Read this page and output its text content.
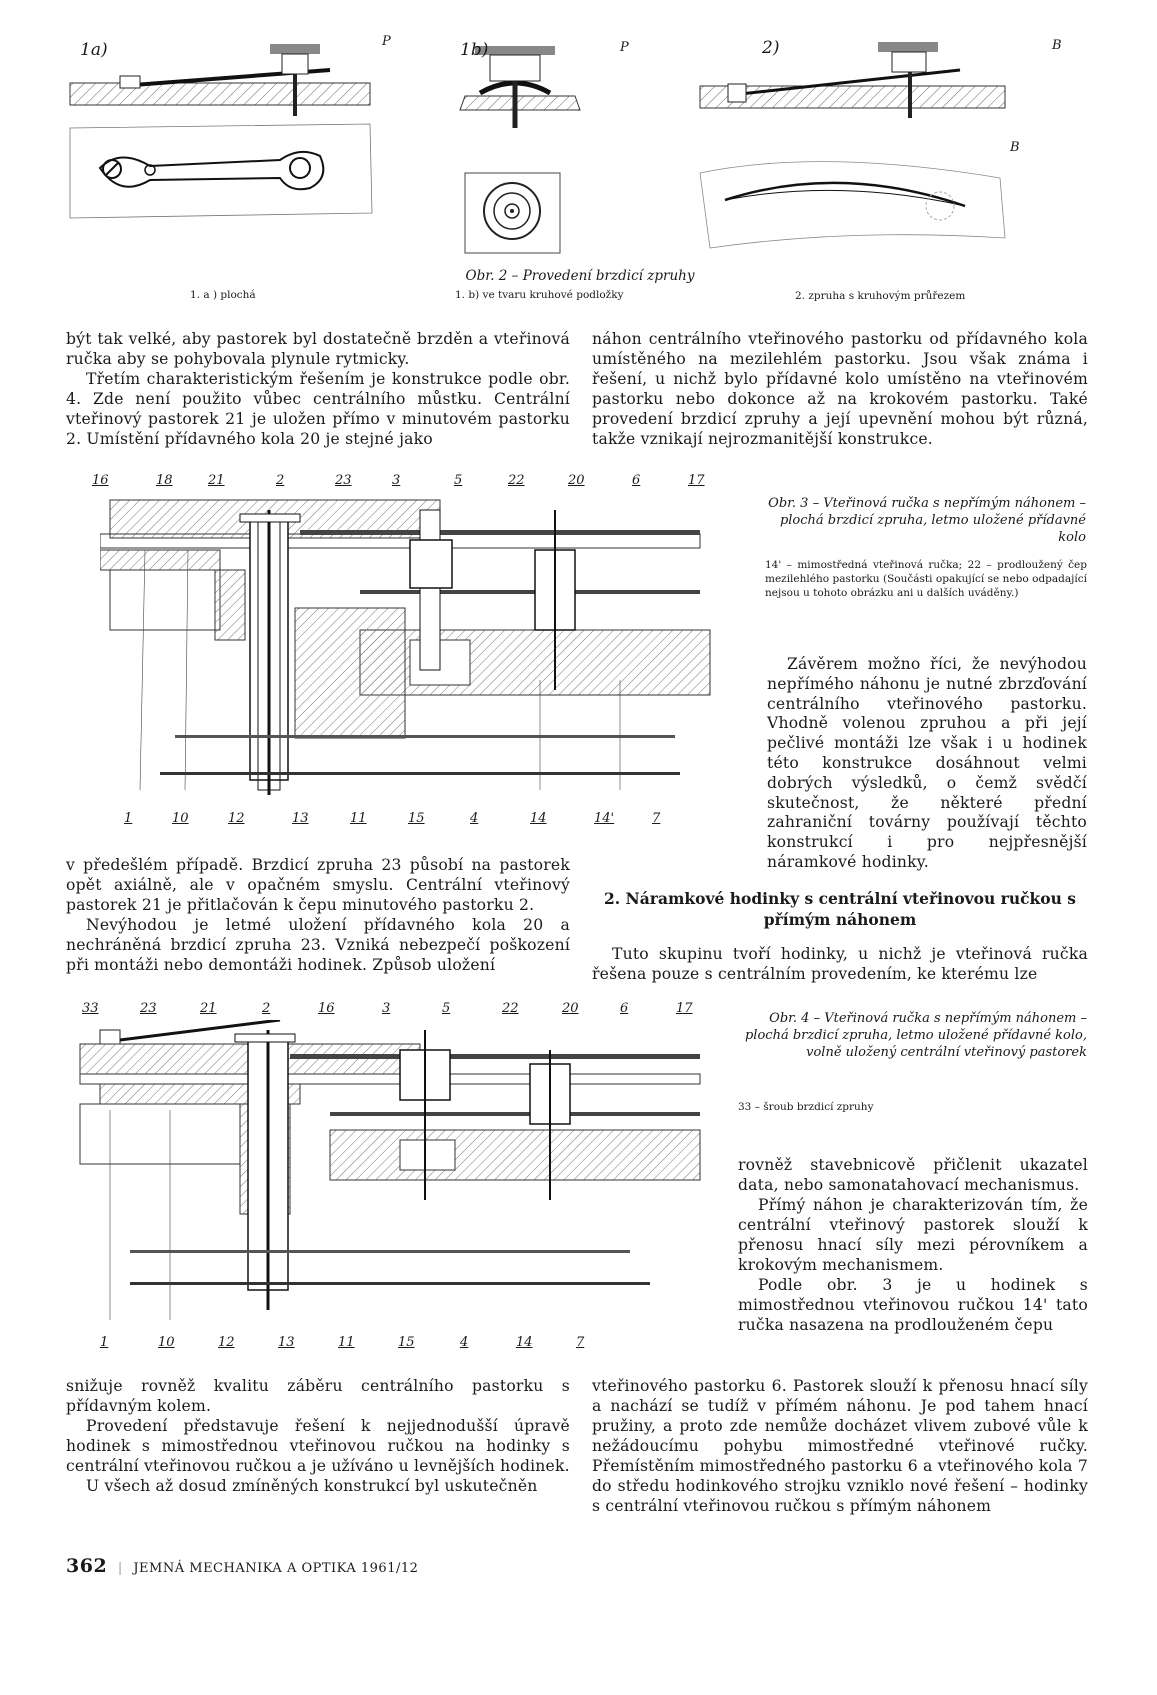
1a)	1b)	2)
P	P	B
B
Obr. 2 – Provedení brzdicí zpruhy
1. a ) plochá	1. b) ve tvaru kruhové podložky	2. zpruha s kruhovým průřezem

být tak velké, aby pastorek byl dostatečně brzděn a vteřinová ručka aby se pohybovala plynule rytmicky.

Třetím charakteristickým řešením je konstrukce podle obr. 4. Zde není použito vůbec centrálního můstku. Centrální vteřinový pastorek 21 je uložen přímo v minutovém pastorku 2. Umístění přídavného kola 20 je stejné jako

náhon centrálního vteřinového pastorku od přídavného kola umístěného na mezilehlém pastorku. Jsou však známa i řešení, u nichž bylo přídavné kolo umístěno na vteřinovém pastorku nebo dokonce až na krokovém pastorku. Také provedení brzdicí zpruhy a její upevnění mohou být různá, takže vznikají nejrozmanitější konstrukce.

16	18	21	2	23	3	5	22	20	6	17
1	10	12	13	11	15	4	14	14'	7
Obr. 3 – Vteřinová ručka s nepřímým náhonem – plochá brzdicí zpruha, letmo uložené přídavné kolo
14' – mimostředná vteřinová ručka; 22 – prodloužený čep mezilehlého pastorku (Součásti opakující se nebo odpadající nejsou u tohoto obrázku ani u dalších uváděny.)

Závěrem možno říci, že nevýhodou nepřímého náhonu je nutné zbrzďování centrálního vteřinového pastorku. Vhodně volenou zpruhou a při její pečlivé montáži lze však i u hodinek této konstrukce dosáhnout velmi dobrých výsledků, o čemž svědčí skutečnost, že některé přední zahraniční továrny používají těchto konstrukcí i pro nejpřesnější náramkové hodinky.

v předešlém případě. Brzdicí zpruha 23 působí na pastorek opět axiálně, ale v opačném smyslu. Centrální vteřinový pastorek 21 je přitlačován k čepu minutového pastorku 2.

Nevýhodou je letmé uložení přídavného kola 20 a nechráněná brzdicí zpruha 23. Vzniká nebezpečí poškození při montáži nebo demontáži hodinek. Způsob uložení

2. Náramkové hodinky s centrální vteřinovou ručkou s přímým náhonem

Tuto skupinu tvoří hodinky, u nichž je vteřinová ručka řešena pouze s centrálním provedením, ke kterému lze

33	23	21	2	16	3	5	22	20	6	17
1	10	12	13	11	15	4	14	7
Obr. 4 – Vteřinová ručka s nepřímým náhonem – plochá brzdicí zpruha, letmo uložené přídavné kolo, volně uložený centrální vteřinový pastorek
33 – šroub brzdicí zpruhy

rovněž stavebnicově přičlenit ukazatel data, nebo samonatahovací mechanismus.

Přímý náhon je charakterizován tím, že centrální vteřinový pastorek slouží k přenosu hnací síly mezi pérovníkem a krokovým mechanismem.

Podle obr. 3 je u hodinek s mimostřednou vteřinovou ručkou 14' tato ručka nasazena na prodlouženém čepu

snižuje rovněž kvalitu záběru centrálního pastorku s přídavným kolem.

Provedení představuje řešení k nejjednodušší úpravě hodinek s mimostřednou vteřinovou ručkou na hodinky s centrální vteřinovou ručkou a je užíváno u levnějších hodinek.

U všech až dosud zmíněných konstrukcí byl uskutečněn

vteřinového pastorku 6. Pastorek slouží k přenosu hnací síly a nachází se tudíž v přímém náhonu. Je pod tahem hnací pružiny, a proto zde nemůže docházet vlivem zubové vůle k nežádoucímu pohybu mimostředné vteřinové ručky. Přemístěním mimostředného pastorku 6 a vteřinového kola 7 do středu hodinkového strojku vzniklo nové řešení – hodinky s centrální vteřinovou ručkou s přímým náhonem

362 | JEMNÁ MECHANIKA A OPTIKA 1961/12
